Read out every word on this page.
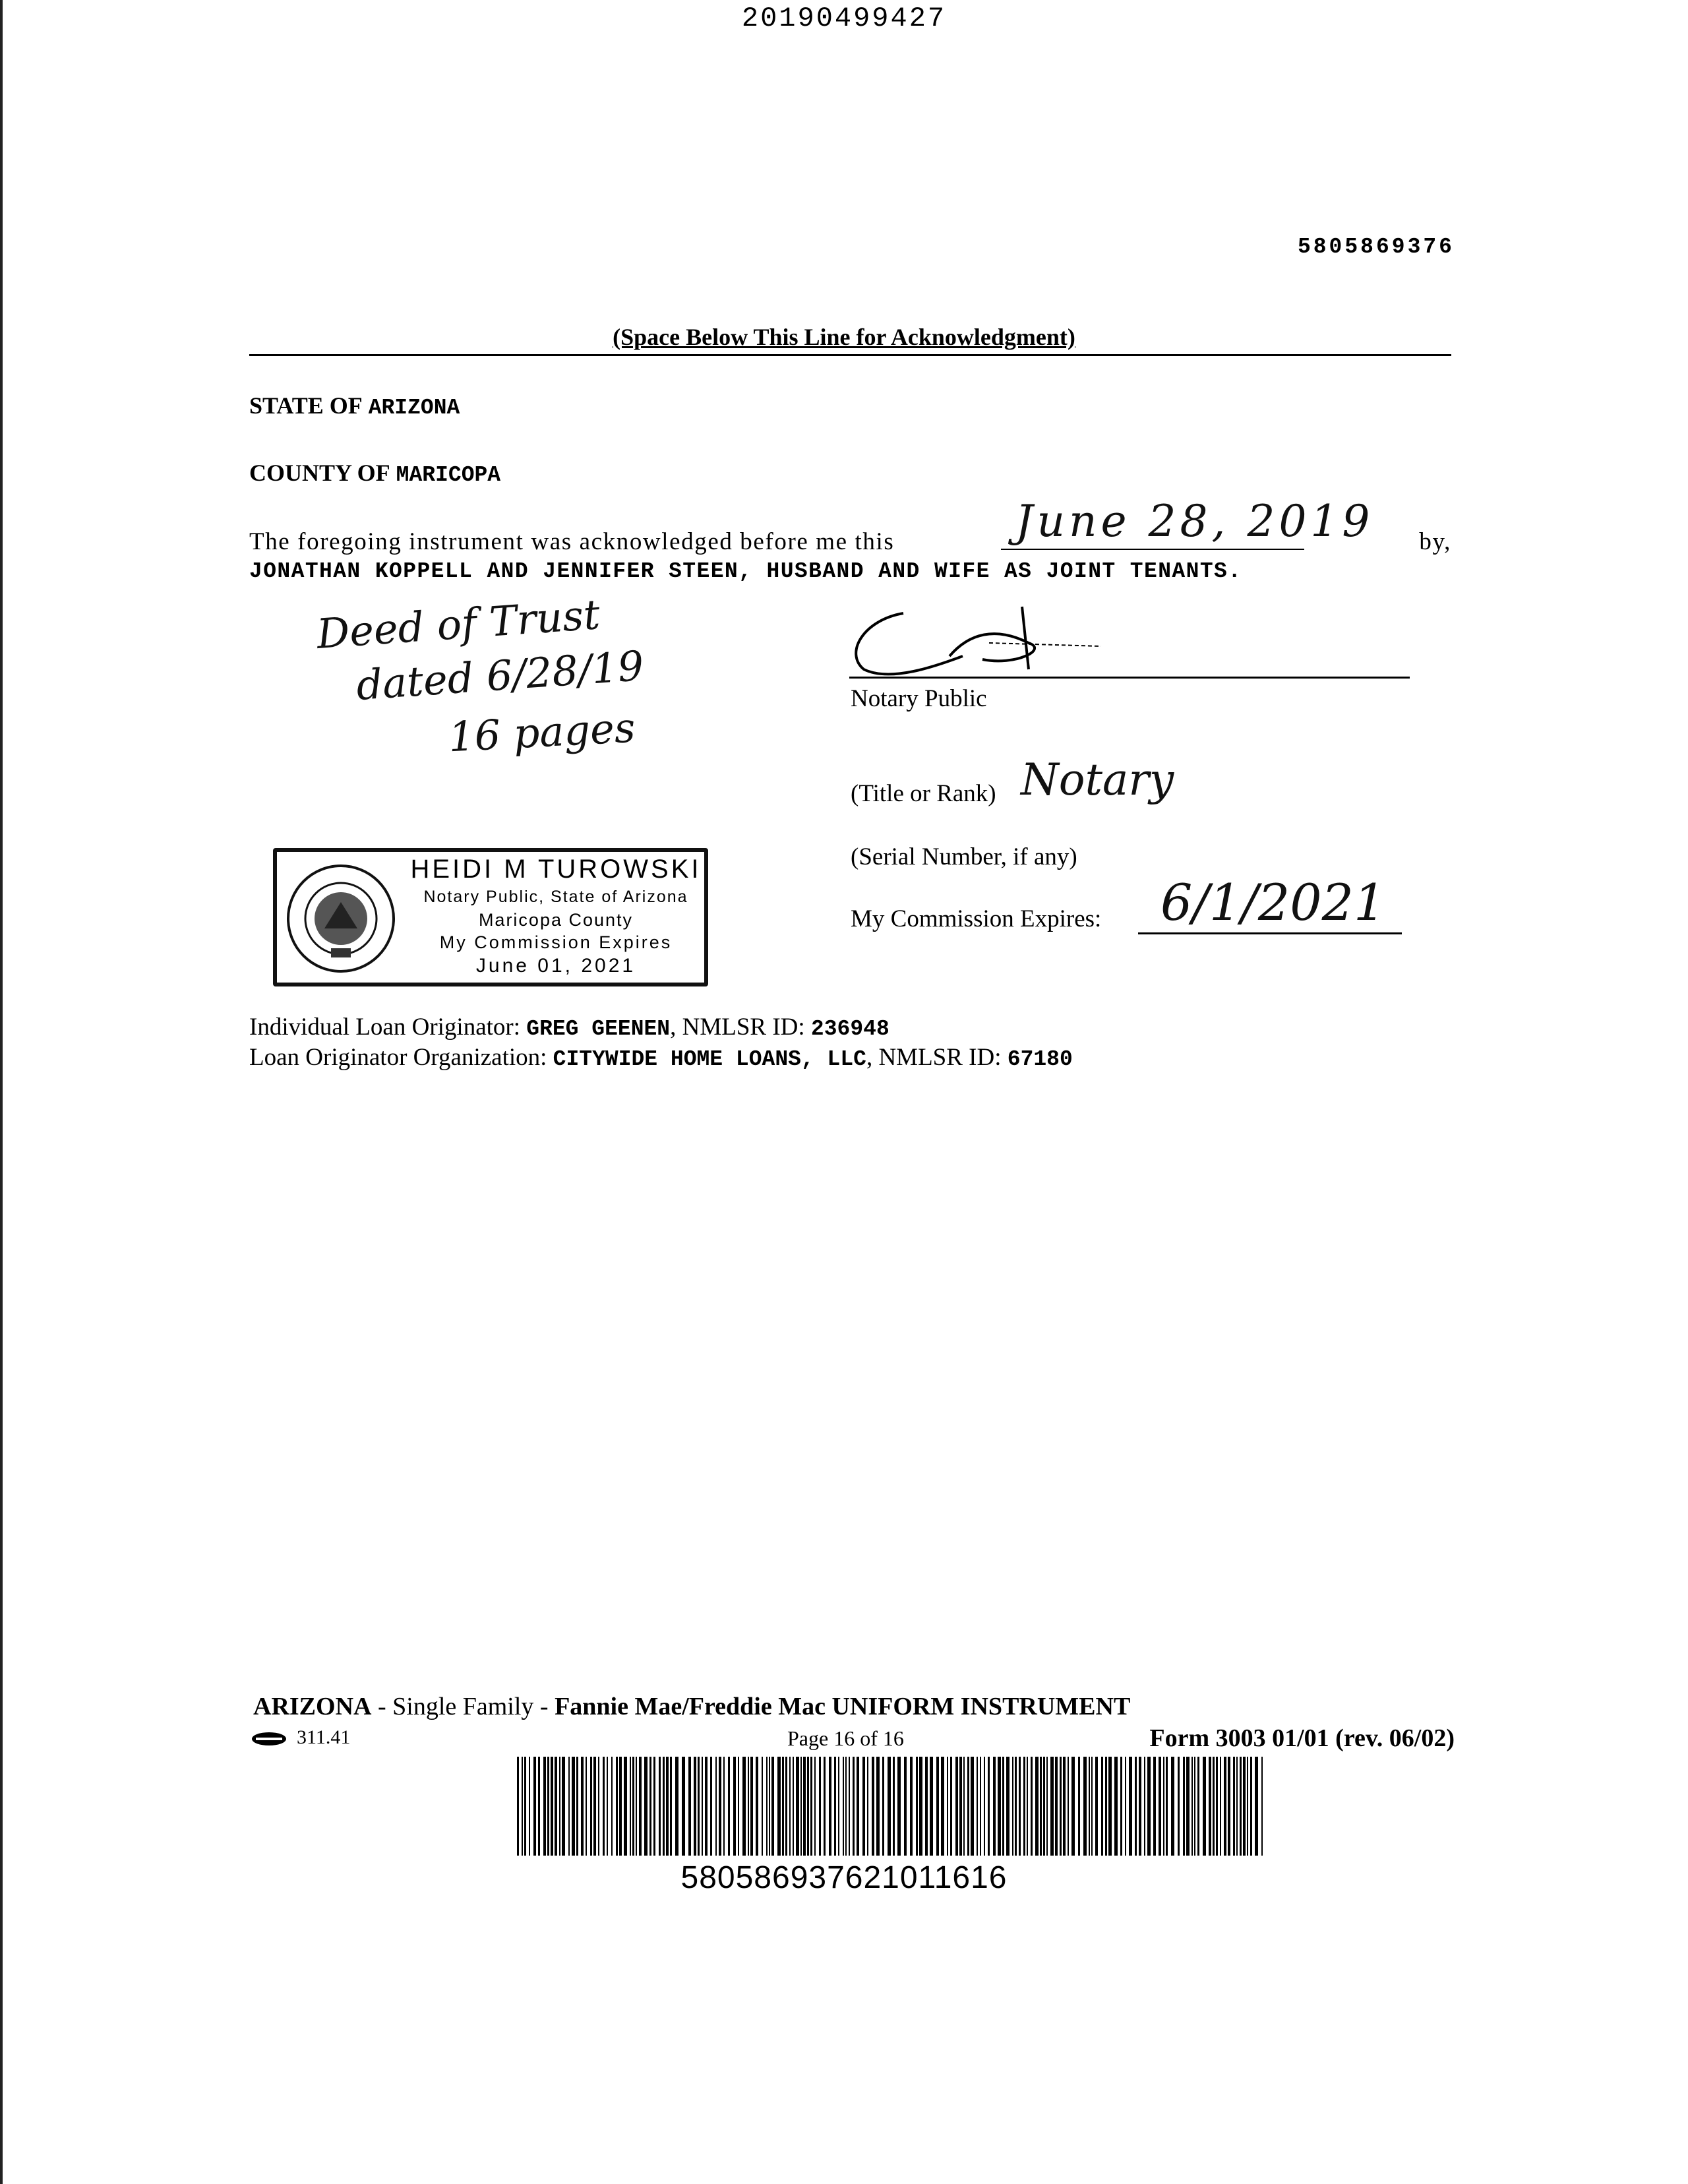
20190499427
5805869376
(Space Below This Line for Acknowledgment)
STATE OF ARIZONA
COUNTY OF MARICOPA
The foregoing instrument was acknowledged before me this	by,
June 28, 2019
JONATHAN KOPPELL AND JENNIFER STEEN, HUSBAND AND WIFE AS JOINT TENANTS.
Deed of Trust
dated 6/28/19
16 pages
Notary Public
(Title or Rank) Notary
(Serial Number, if any)
My Commission Expires: 6/1/2021
HEIDI M TUROWSKI
Notary Public, State of Arizona
Maricopa County
My Commission Expires
June 01, 2021
Individual Loan Originator: GREG GEENEN, NMLSR ID: 236948
Loan Originator Organization: CITYWIDE HOME LOANS, LLC, NMLSR ID: 67180
ARIZONA - Single Family - Fannie Mae/Freddie Mac UNIFORM INSTRUMENT
311.41	Page 16 of 16	Form 3003 01/01 (rev. 06/02)
580586937621011616
